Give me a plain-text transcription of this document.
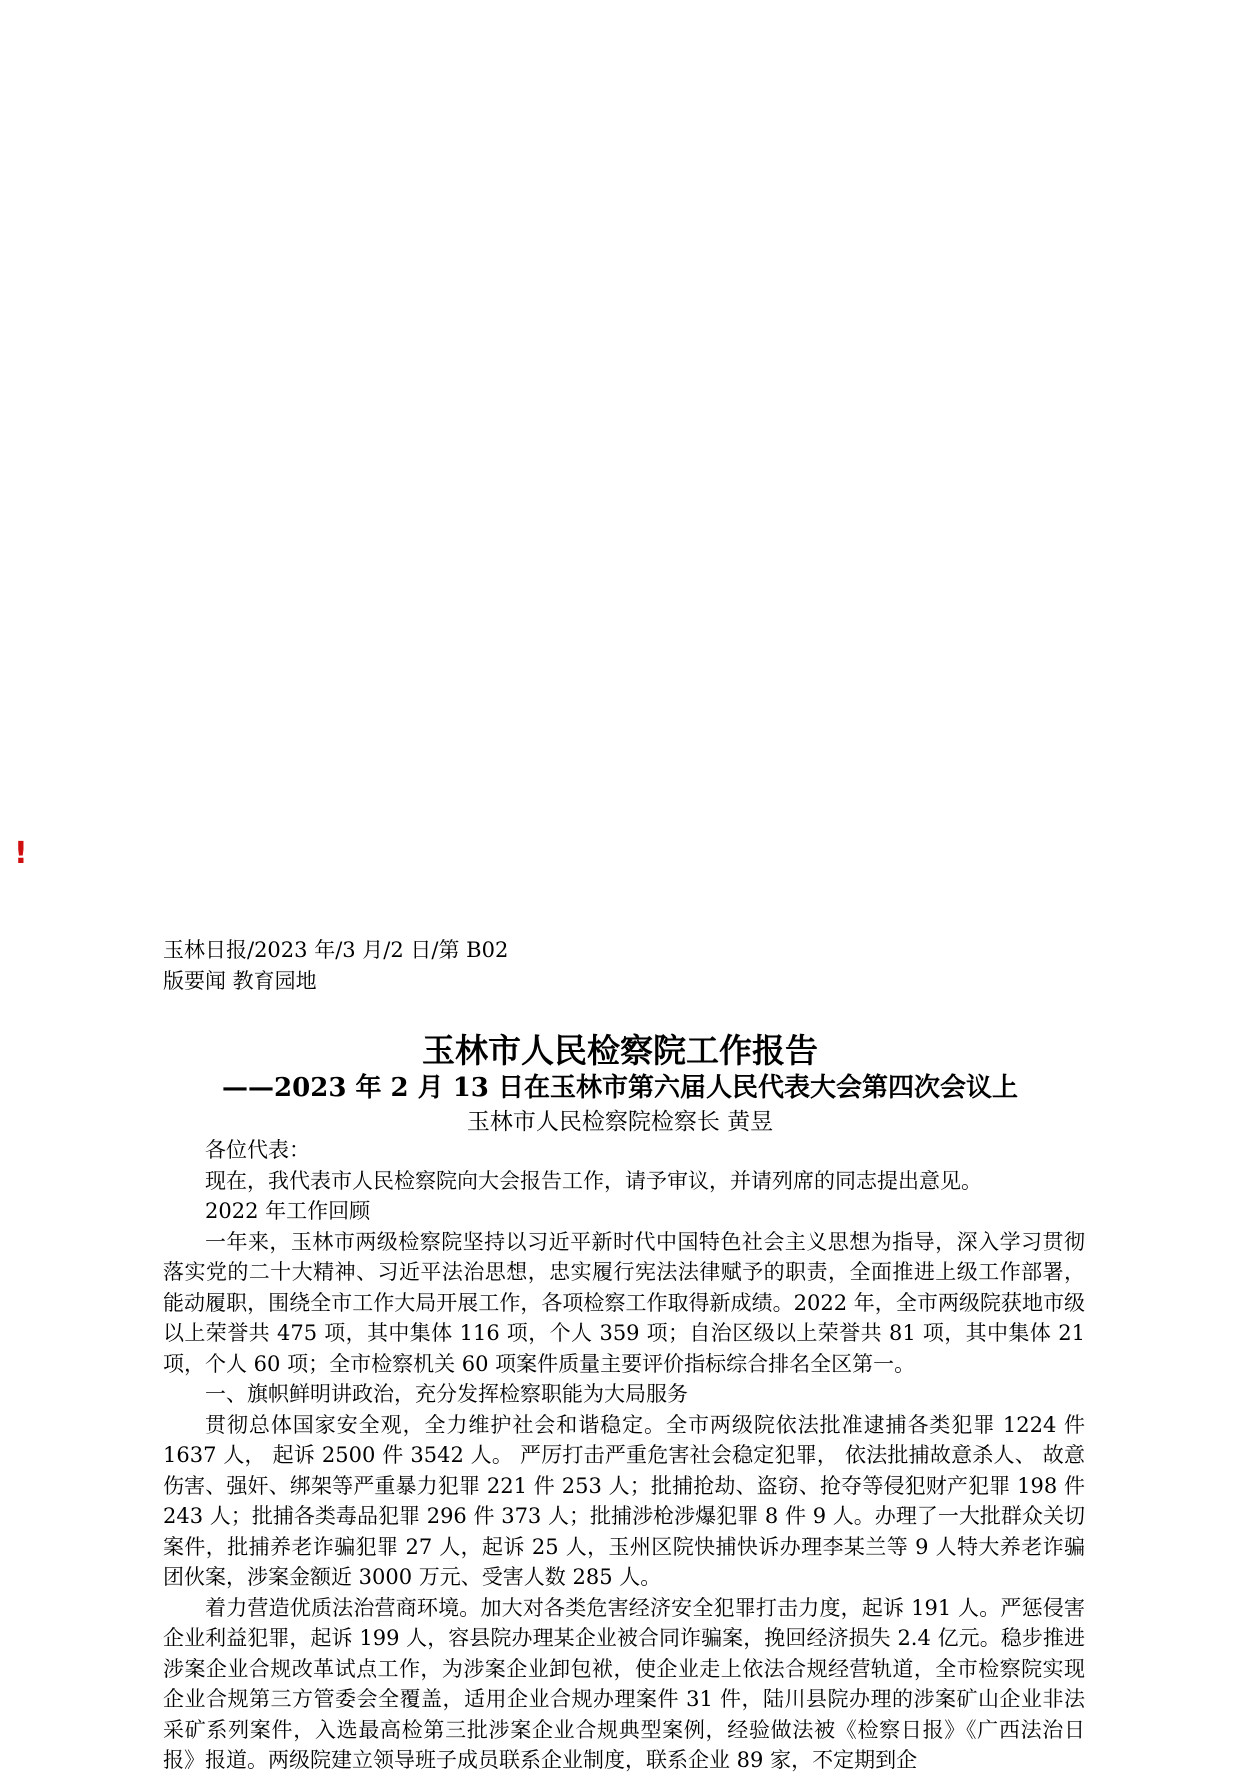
!
玉林日报/2023 年/3 月/2 日/第 B02
版要闻 教育园地
玉林市人民检察院工作报告
——2023 年 2 月 13 日在玉林市第六届人民代表大会第四次会议上
玉林市人民检察院检察长 黄昱

各位代表：

现在，我代表市人民检察院向大会报告工作，请予审议，并请列席的同志提出意见。

2022 年工作回顾

一年来，玉林市两级检察院坚持以习近平新时代中国特色社会主义思想为指导，深入学习贯彻落实党的二十大精神、习近平法治思想，忠实履行宪法法律赋予的职责，全面推进上级工作部署，能动履职，围绕全市工作大局开展工作，各项检察工作取得新成绩。2022 年，全市两级院获地市级以上荣誉共 475 项，其中集体 116 项，个人 359 项；自治区级以上荣誉共 81 项，其中集体 21 项，个人 60 项；全市检察机关 60 项案件质量主要评价指标综合排名全区第一。

一、旗帜鲜明讲政治，充分发挥检察职能为大局服务

贯彻总体国家安全观，全力维护社会和谐稳定。全市两级院依法批准逮捕各类犯罪 1224 件 1637 人， 起诉 2500 件 3542 人。 严厉打击严重危害社会稳定犯罪， 依法批捕故意杀人、 故意伤害、强奸、绑架等严重暴力犯罪 221 件 253 人；批捕抢劫、盗窃、抢夺等侵犯财产犯罪 198 件 243 人；批捕各类毒品犯罪 296 件 373 人；批捕涉枪涉爆犯罪 8 件 9 人。办理了一大批群众关切案件，批捕养老诈骗犯罪 27 人，起诉 25 人，玉州区院快捕快诉办理李某兰等 9 人特大养老诈骗团伙案，涉案金额近 3000 万元、受害人数 285 人。

着力营造优质法治营商环境。加大对各类危害经济安全犯罪打击力度，起诉 191 人。严惩侵害企业利益犯罪，起诉 199 人，容县院办理某企业被合同诈骗案，挽回经济损失 2.4 亿元。稳步推进涉案企业合规改革试点工作，为涉案企业卸包袱，使企业走上依法合规经营轨道，全市检察院实现企业合规第三方管委会全覆盖，适用企业合规办理案件 31 件，陆川县院办理的涉案矿山企业非法采矿系列案件，入选最高检第三批涉案企业合规典型案例，经验做法被《检察日报》《广西法治日报》报道。两级院建立领导班子成员联系企业制度，联系企业 89 家，不定期到企
